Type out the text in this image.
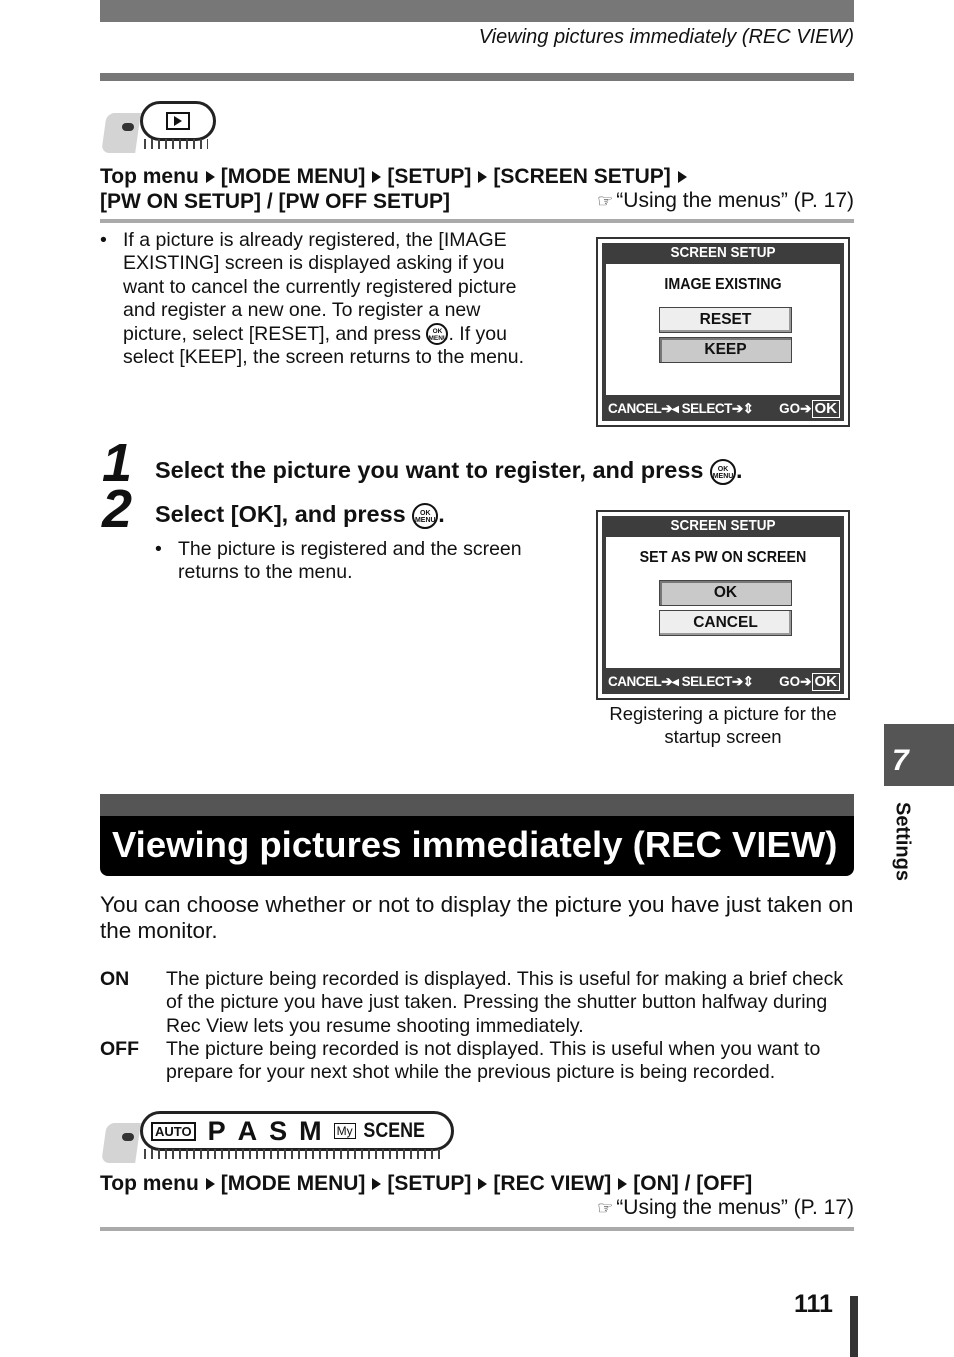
Viewing pictures immediately (REC VIEW)
Top menu [MODE MENU] [SETUP] [SCREEN SETUP]
[PW ON SETUP] / [PW OFF SETUP]	☞ “Using the menus” (P. 17)
• If a picture is already registered, the [IMAGE EXISTING] screen is displayed asking if you want to cancel the currently registered picture and register a new one. To register a new picture, select [RESET], and press OK
MENU. If you select [KEEP], the screen returns to the menu.
SCREEN SETUP
IMAGE EXISTING
RESET
KEEP
CANCEL➔◂ SELECT➔⇕ GO➔ OK
1 Select the picture you want to register, and press OK
MENU .
2 Select [OK], and press OK
MENU .
• The picture is registered and the screen returns to the menu.
SCREEN SETUP
SET AS PW ON SCREEN
OK
CANCEL
CANCEL➔◂ SELECT➔⇕ GO➔ OK
Registering a picture for the startup screen
Viewing pictures immediately (REC VIEW)
You can choose whether or not to display the picture you have just taken on the monitor.
ON The picture being recorded is displayed. This is useful for making a brief check of the picture you have just taken. Pressing the shutter button halfway during Rec View lets you resume shooting immediately.
OFF The picture being recorded is not displayed. This is useful when you want to prepare for your next shot while the previous picture is being recorded.
AUTO P A S M My SCENE
Top menu [MODE MENU] [SETUP] [REC VIEW] [ON] / [OFF]
☞ “Using the menus” (P. 17)
7
Settings
111
